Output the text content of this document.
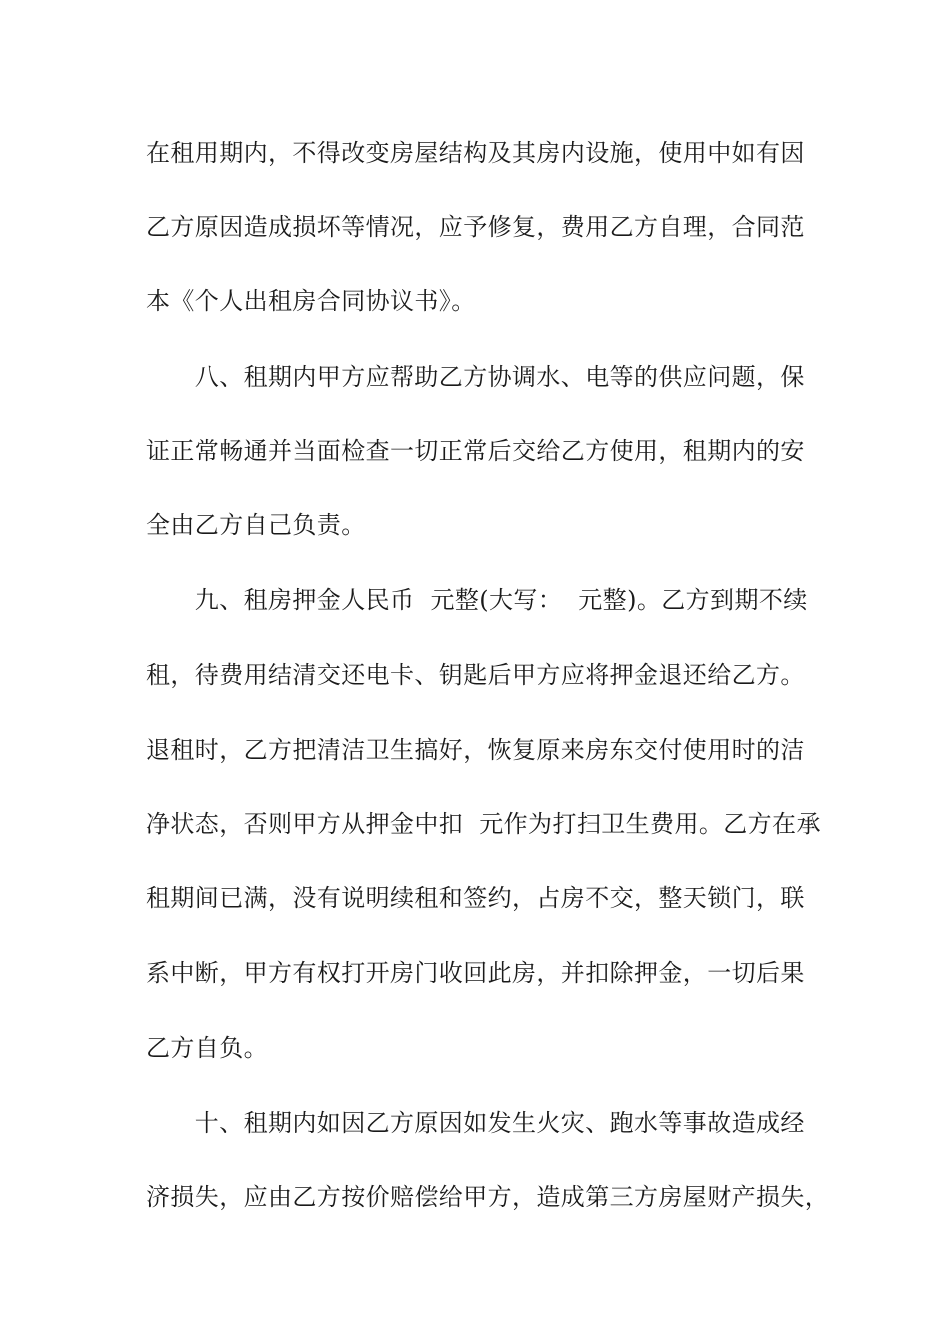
在租用期内，不得改变房屋结构及其房内设施，使用中如有因
乙方原因造成损坏等情况，应予修复，费用乙方自理，合同范
本《个人出租房合同协议书》。
　　八、租期内甲方应帮助乙方协调水、电等的供应问题，保
证正常畅通并当面检查一切正常后交给乙方使用，租期内的安
全由乙方自己负责。
　　九、租房押金人民币  元整(大写：  元整)。乙方到期不续
租，待费用结清交还电卡、钥匙后甲方应将押金退还给乙方。
退租时，乙方把清洁卫生搞好，恢复原来房东交付使用时的洁
净状态，否则甲方从押金中扣  元作为打扫卫生费用。乙方在承
租期间已满，没有说明续租和签约，占房不交，整天锁门，联
系中断，甲方有权打开房门收回此房，并扣除押金，一切后果
乙方自负。
　　十、租期内如因乙方原因如发生火灾、跑水等事故造成经
济损失，应由乙方按价赔偿给甲方，造成第三方房屋财产损失，
